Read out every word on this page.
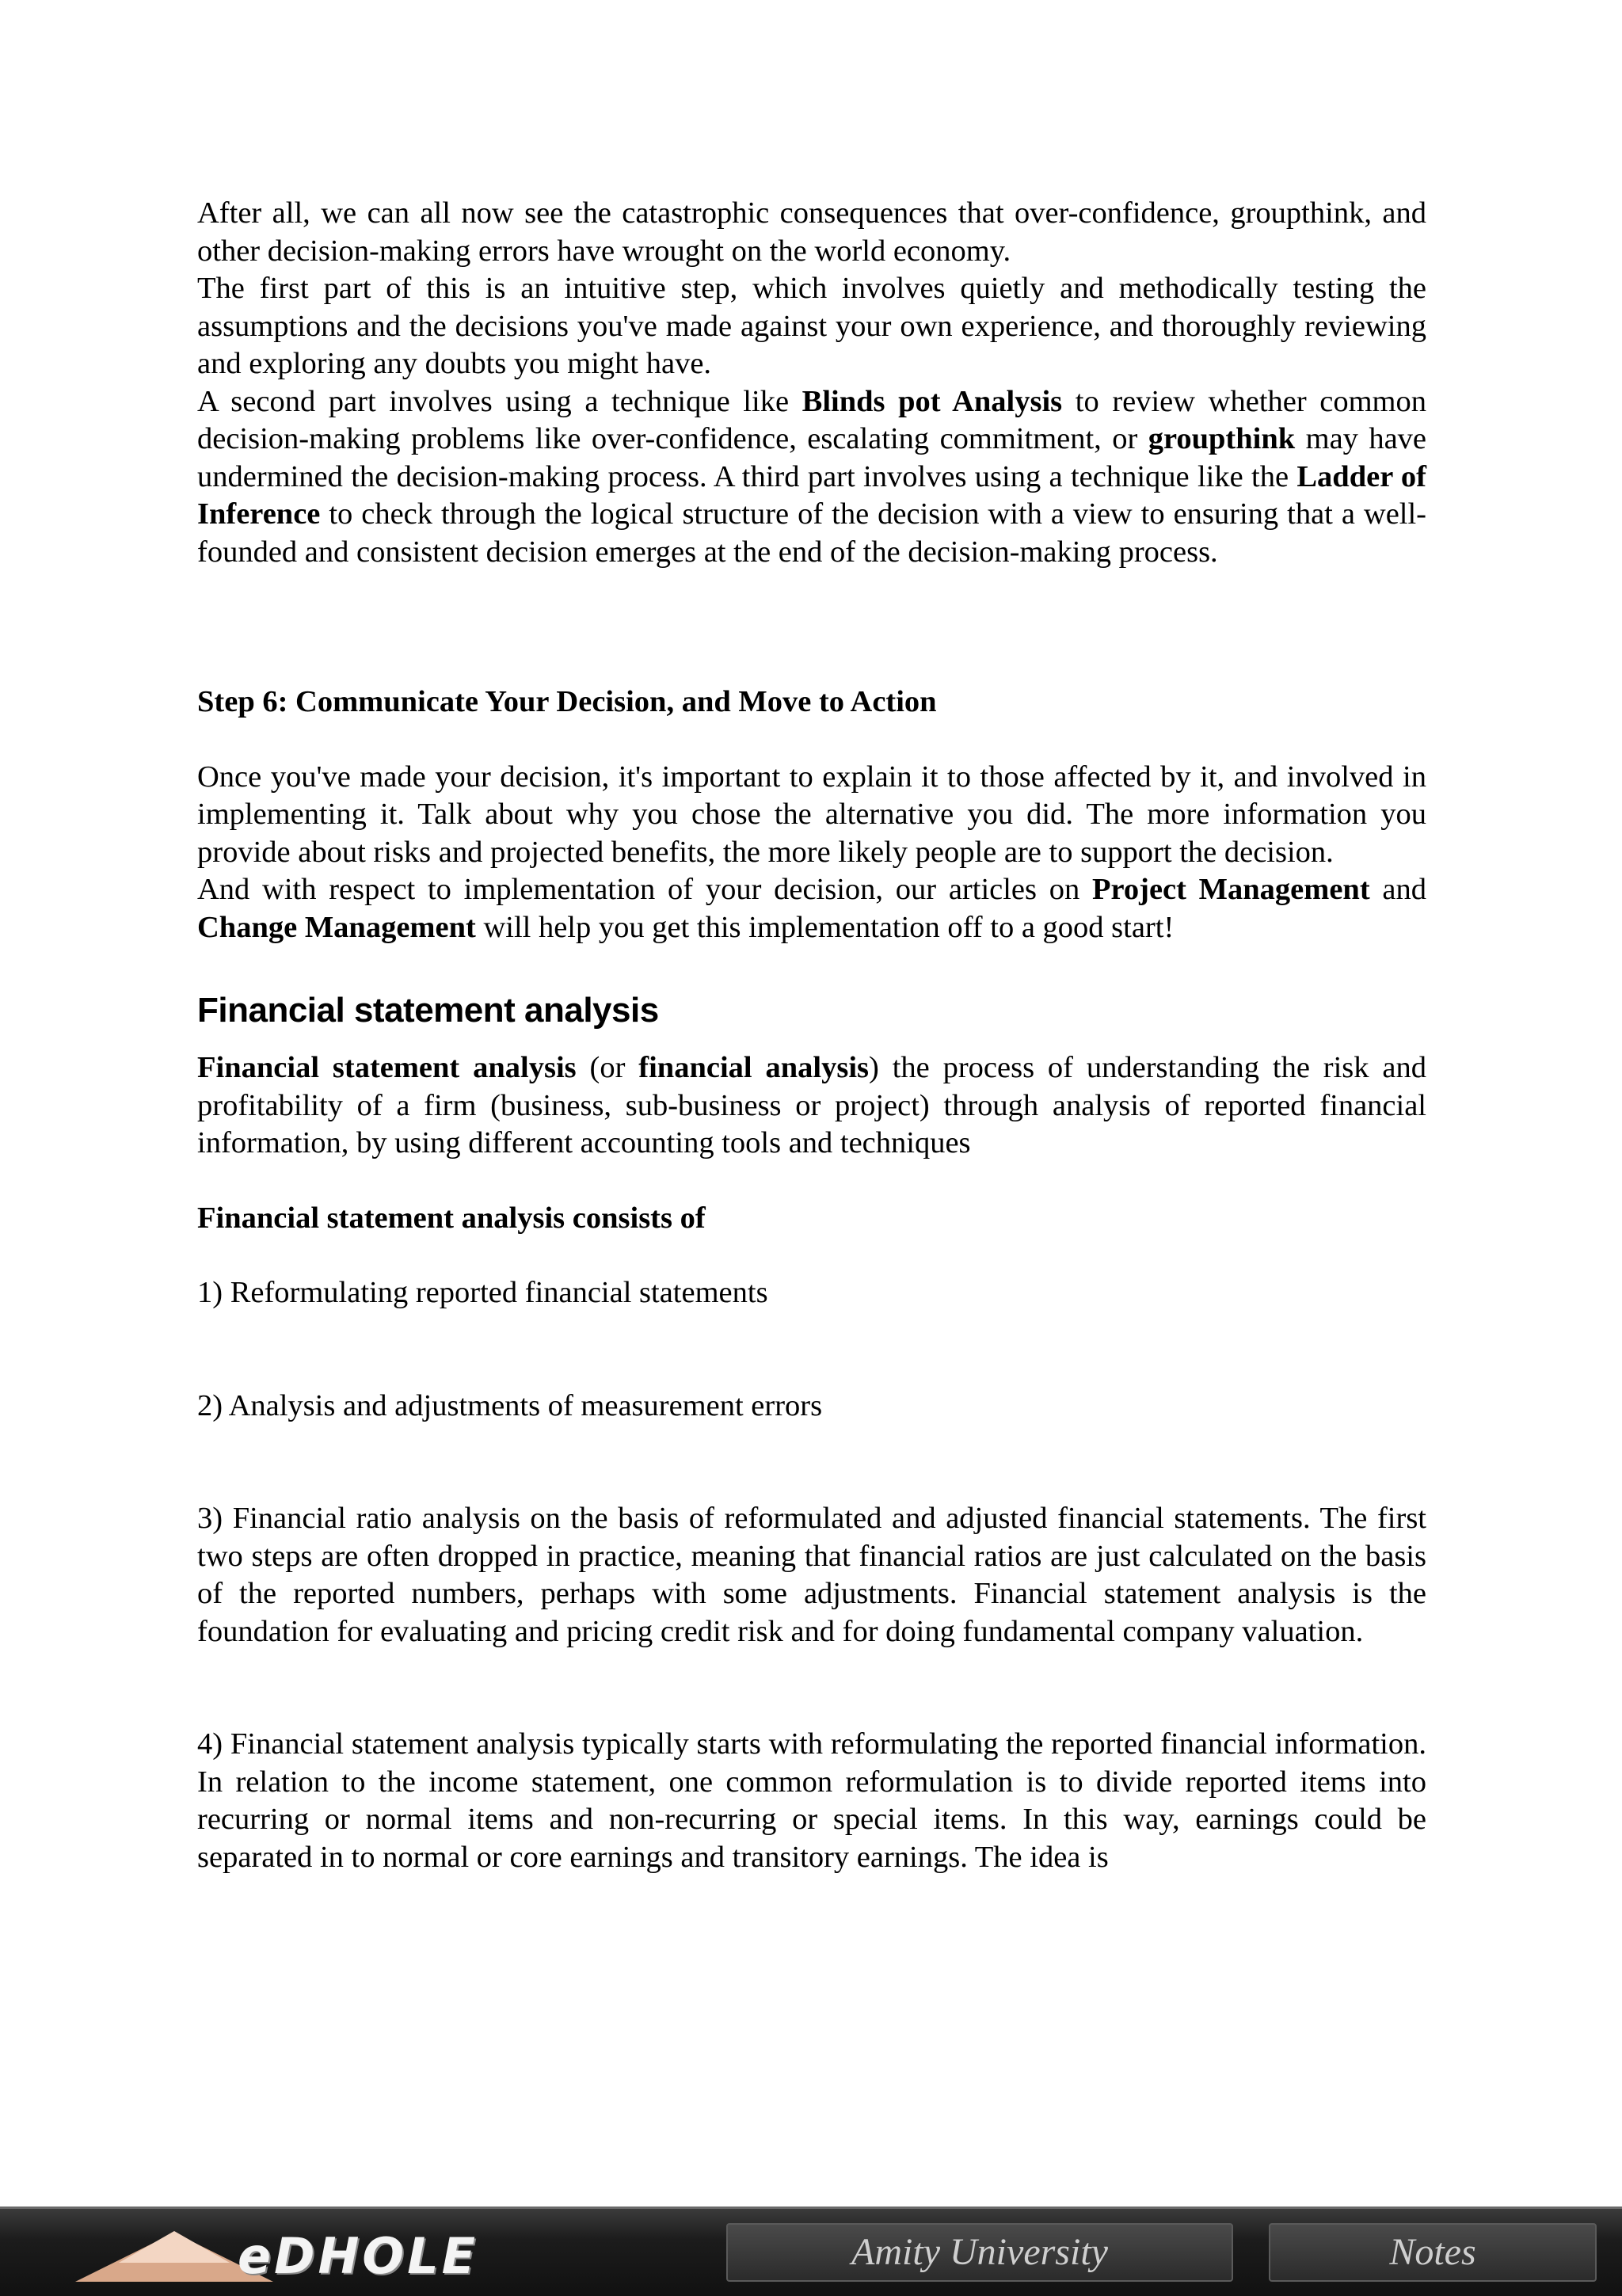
After all, we can all now see the catastrophic consequences that over-confidence, groupthink, and other decision-making errors have wrought on the world economy.

The first part of this is an intuitive step, which involves quietly and methodically testing the assumptions and the decisions you've made against your own experience, and thoroughly reviewing and exploring any doubts you might have.

A second part involves using a technique like Blinds pot Analysis to review whether common decision-making problems like over-confidence, escalating commitment, or groupthink may have undermined the decision-making process. A third part involves using a technique like the Ladder of Inference to check through the logical structure of the decision with a view to ensuring that a well-founded and consistent decision emerges at the end of the decision-making process.

Step 6: Communicate Your Decision, and Move to Action

Once you've made your decision, it's important to explain it to those affected by it, and involved in implementing it. Talk about why you chose the alternative you did. The more information you provide about risks and projected benefits, the more likely people are to support the decision.

And with respect to implementation of your decision, our articles on Project Management and Change Management will help you get this implementation off to a good start!

Financial statement analysis

Financial statement analysis (or financial analysis) the process of understanding the risk and profitability of a firm (business, sub-business or project) through analysis of reported financial information, by using different accounting tools and techniques

Financial statement analysis consists of

1) Reformulating reported financial statements

2) Analysis and adjustments of measurement errors

3) Financial ratio analysis on the basis of reformulated and adjusted financial statements. The first two steps are often dropped in practice, meaning that financial ratios are just calculated on the basis of the reported numbers, perhaps with some adjustments. Financial statement analysis is the foundation for evaluating and pricing credit risk and for doing fundamental company valuation.

4) Financial statement analysis typically starts with reformulating the reported financial information. In relation to the income statement, one common reformulation is to divide reported items into recurring or normal items and non-recurring or special items. In this way, earnings could be separated in to normal or core earnings and transitory earnings. The idea is

eDHOLE	Amity University	Notes
